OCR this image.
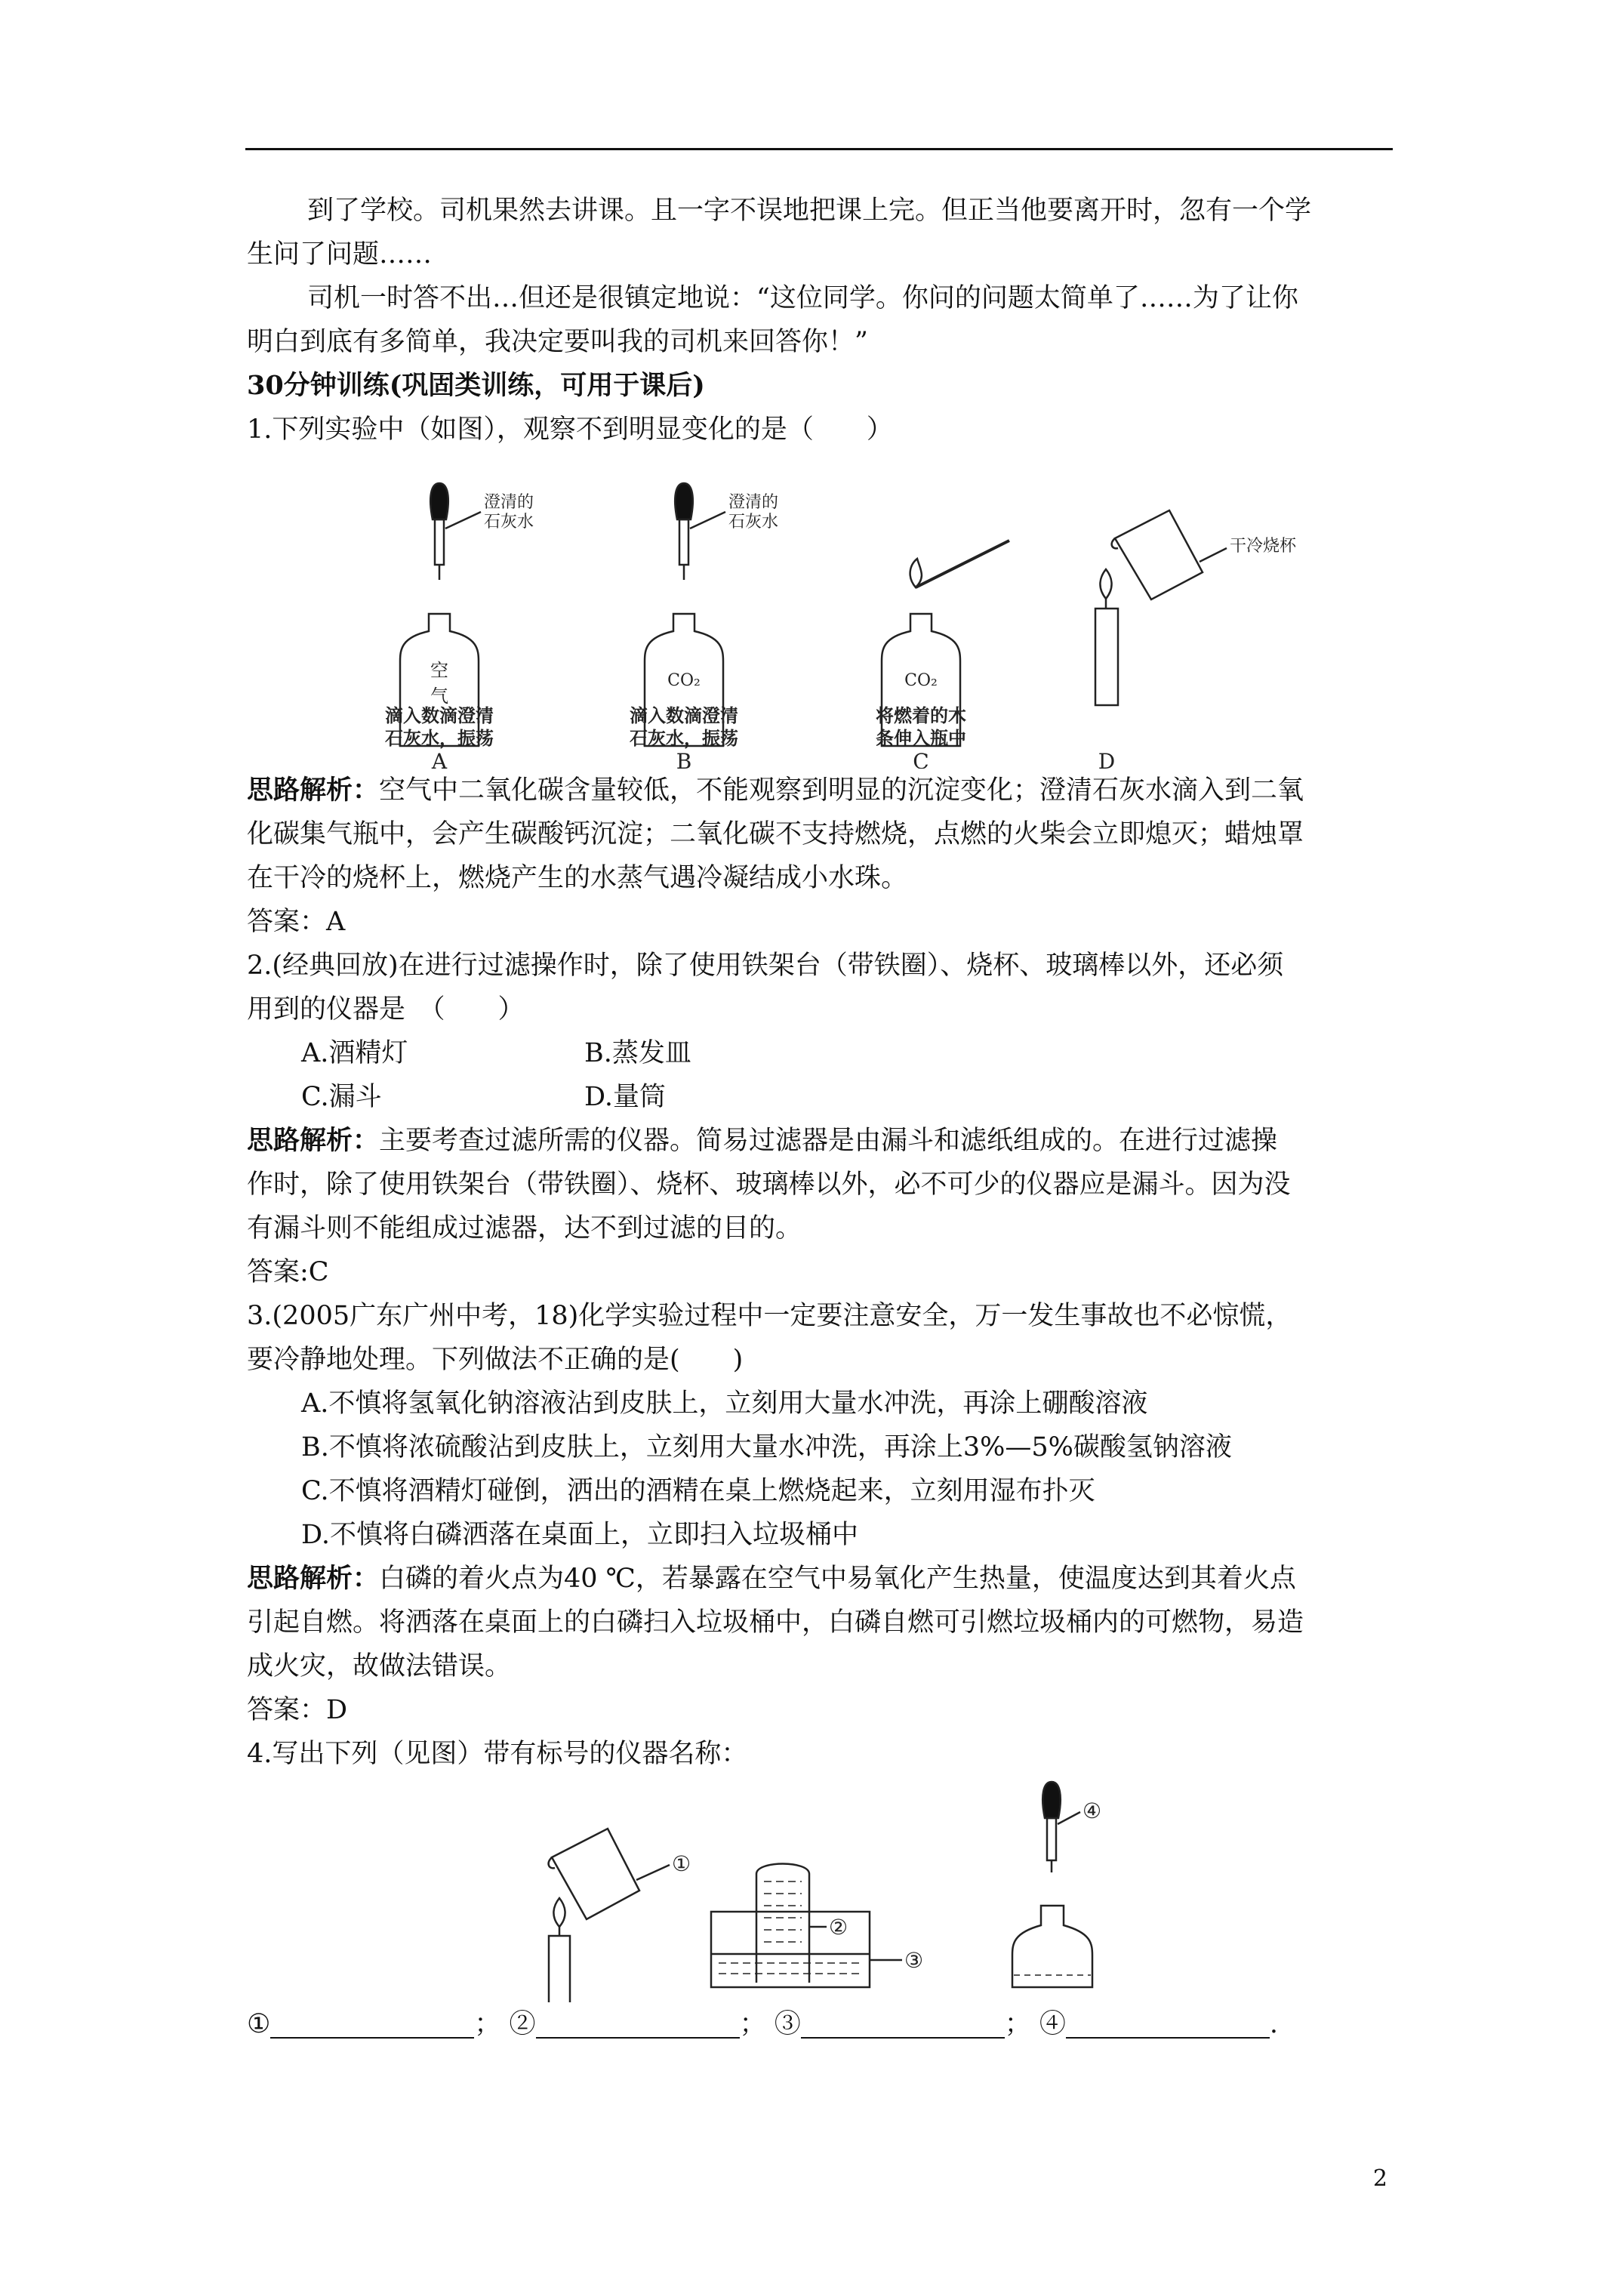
到了学校。司机果然去讲课。且一字不误地把课上完。但正当他要离开时，忽有一个学

生问了问题……

司机一时答不出…但还是很镇定地说：“这位同学。你问的问题太简单了……为了让你

明白到底有多简单，我决定要叫我的司机来回答你！”

30分钟训练(巩固类训练，可用于课后)

1.下列实验中（如图），观察不到明显变化的是（　　）

澄清的
石灰水
空
气
滴入数滴澄清
石灰水，振荡
A
澄清的
石灰水
CO₂
滴入数滴澄清
石灰水，振荡
B
CO₂
将燃着的木
条伸入瓶中
C
干冷烧杯
D

思路解析：空气中二氧化碳含量较低，不能观察到明显的沉淀变化；澄清石灰水滴入到二氧

化碳集气瓶中，会产生碳酸钙沉淀；二氧化碳不支持燃烧，点燃的火柴会立即熄灭；蜡烛罩

在干冷的烧杯上，燃烧产生的水蒸气遇冷凝结成小水珠。

答案：A

2.(经典回放)在进行过滤操作时，除了使用铁架台（带铁圈）、烧杯、玻璃棒以外，还必须

用到的仪器是　（　　）

A.酒精灯	B.蒸发皿
C.漏斗	D.量筒

思路解析：主要考查过滤所需的仪器。简易过滤器是由漏斗和滤纸组成的。在进行过滤操

作时，除了使用铁架台（带铁圈）、烧杯、玻璃棒以外，必不可少的仪器应是漏斗。因为没

有漏斗则不能组成过滤器，达不到过滤的目的。

答案:C

3.(2005广东广州中考，18)化学实验过程中一定要注意安全，万一发生事故也不必惊慌，

要冷静地处理。下列做法不正确的是(　　)

A.不慎将氢氧化钠溶液沾到皮肤上，立刻用大量水冲洗，再涂上硼酸溶液

B.不慎将浓硫酸沾到皮肤上，立刻用大量水冲洗，再涂上3%—5%碳酸氢钠溶液

C.不慎将酒精灯碰倒，洒出的酒精在桌上燃烧起来，立刻用湿布扑灭

D.不慎将白磷洒落在桌面上，立即扫入垃圾桶中

思路解析：白磷的着火点为40 ℃，若暴露在空气中易氧化产生热量，使温度达到其着火点

引起自燃。将洒落在桌面上的白磷扫入垃圾桶中，白磷自燃可引燃垃圾桶内的可燃物，易造

成火灾，故做法错误。

答案：D

4.写出下列（见图）带有标号的仪器名称：

①
②
③
④

①	； ②	； ③	； ④	.

2
